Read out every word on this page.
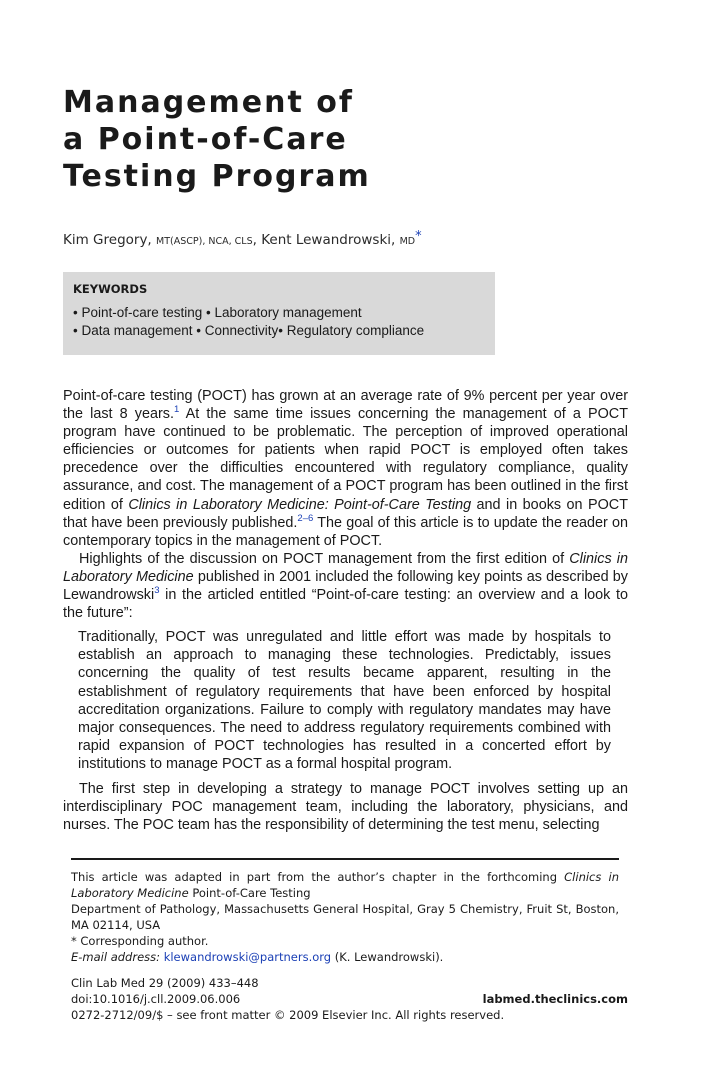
Management of
a Point-of-Care
Testing Program
Kim Gregory, MT(ASCP), NCA, CLS, Kent Lewandrowski, MD*
KEYWORDS
• Point-of-care testing • Laboratory management
• Data management • Connectivity• Regulatory compliance

Point-of-care testing (POCT) has grown at an average rate of 9% percent per year over the last 8 years.$^1$ At the same time issues concerning the management of a POCT program have continued to be problematic. The perception of improved operational efficiencies or outcomes for patients when rapid POCT is employed often takes precedence over the difficulties encountered with regulatory compliance, quality assurance, and cost. The management of a POCT program has been outlined in the first edition of Clinics in Laboratory Medicine: Point-of-Care Testing and in books on POCT that have been previously published.$^{2-6}$ The goal of this article is to update the reader on contemporary topics in the management of POCT.

Highlights of the discussion on POCT management from the first edition of Clinics in Laboratory Medicine published in 2001 included the following key points as described by Lewandrowski$^3$ in the articled entitled “Point-of-care testing: an overview and a look to the future”:

Traditionally, POCT was unregulated and little effort was made by hospitals to establish an approach to managing these technologies. Predictably, issues concerning the quality of test results became apparent, resulting in the establishment of regulatory requirements that have been enforced by hospital accreditation organizations. Failure to comply with regulatory mandates may have major consequences. The need to address regulatory requirements combined with rapid expansion of POCT technologies has resulted in a concerted effort by institutions to manage POCT as a formal hospital program.

The first step in developing a strategy to manage POCT involves setting up an interdisciplinary POC management team, including the laboratory, physicians, and nurses. The POC team has the responsibility of determining the test menu, selecting

This article was adapted in part from the author’s chapter in the forthcoming Clinics in Laboratory Medicine Point-of-Care Testing
Department of Pathology, Massachusetts General Hospital, Gray 5 Chemistry, Fruit St, Boston, MA 02114, USA
* Corresponding author.
E-mail address: klewandrowski@partners.org (K. Lewandrowski).
Clin Lab Med 29 (2009) 433–448
doi:10.1016/j.cll.2009.06.006
0272-2712/09/$ – see front matter © 2009 Elsevier Inc. All rights reserved.
labmed.theclinics.com
